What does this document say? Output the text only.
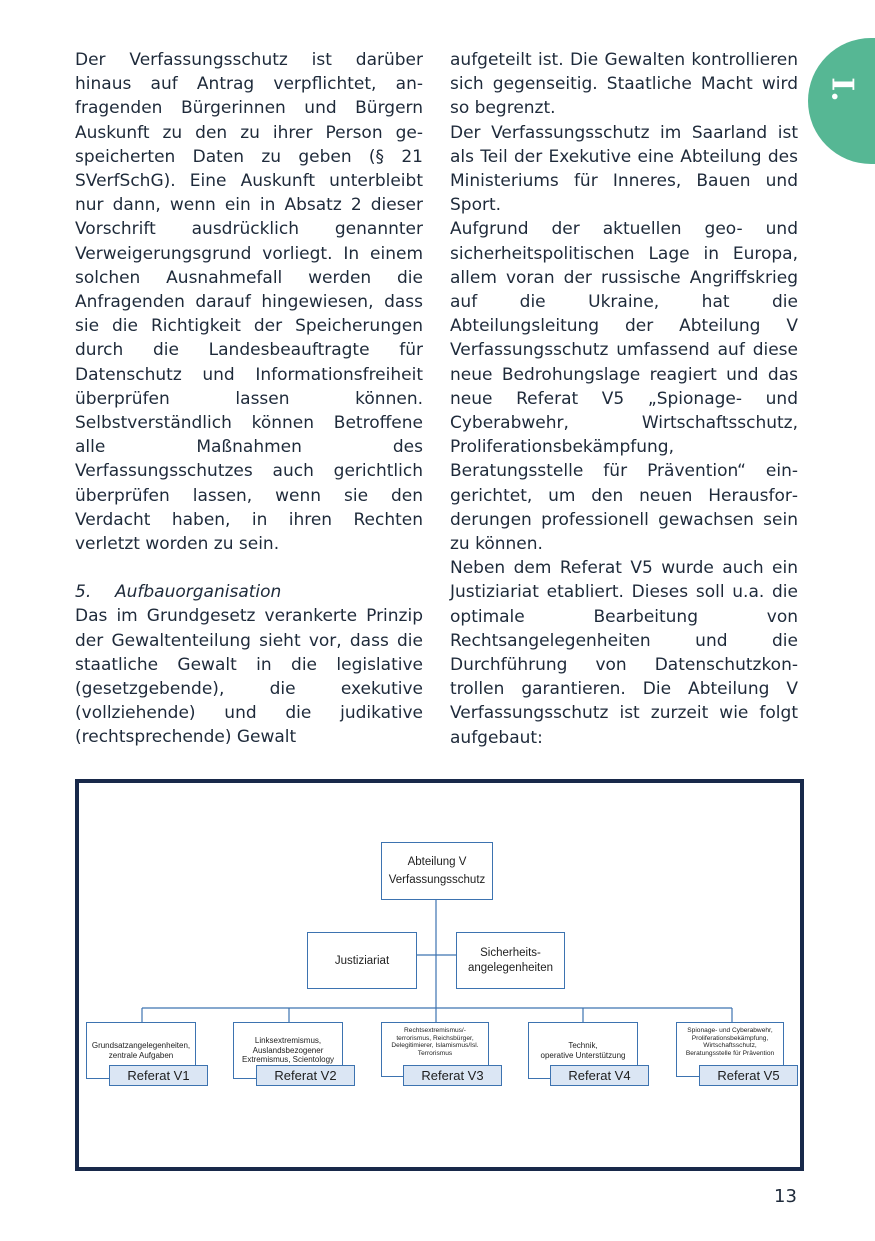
Der Verfassungsschutz ist darüber hinaus auf Antrag verpflichtet, anfragenden Bürgerinnen und Bürgern Auskunft zu den zu ihrer Person gespeicherten Daten zu geben (§ 21 SVerfSchG). Eine Auskunft unterbleibt nur dann, wenn ein in Absatz 2 dieser Vorschrift ausdrücklich genannter Verweigerungsgrund vorliegt. In einem solchen Ausnahmefall werden die Anfragenden darauf hingewiesen, dass sie die Richtigkeit der Speicherungen durch die Landesbeauftragte für Datenschutz und Informationsfreiheit überprüfen lassen können. Selbstverständlich können Betroffene alle Maßnahmen des Verfassungsschutzes auch gerichtlich überprüfen lassen, wenn sie den Verdacht haben, in ihren Rechten verletzt worden zu sein.

5. Aufbauorganisation

Das im Grundgesetz verankerte Prinzip der Gewaltenteilung sieht vor, dass die staatliche Gewalt in die legislative (gesetzgebende), die exekutive (vollziehende) und die judikative (rechtsprechende) Gewalt

aufgeteilt ist. Die Gewalten kontrollieren sich gegenseitig. Staatliche Macht wird so begrenzt.

Der Verfassungsschutz im Saarland ist als Teil der Exekutive eine Abteilung des Ministeriums für Inneres, Bauen und Sport.

Aufgrund der aktuellen geo- und sicherheitspolitischen Lage in Europa, allem voran der russische Angriffskrieg auf die Ukraine, hat die Abteilungsleitung der Abteilung V Verfassungsschutz umfassend auf diese neue Bedrohungslage reagiert und das neue Referat V5 „Spionage- und Cyberabwehr, Wirtschaftsschutz, Proliferationsbekämpfung, Beratungsstelle für Prävention“ eingerichtet, um den neuen Herausforderungen professionell gewachsen sein zu können.

Neben dem Referat V5 wurde auch ein Justiziariat etabliert. Dieses soll u.a. die optimale Bearbeitung von Rechtsangelegenheiten und die Durchführung von Datenschutzkontrollen garantieren. Die Abteilung V Verfassungsschutz ist zurzeit wie folgt aufgebaut:

I.
Abteilung V
Verfassungsschutz
Justiziariat
Sicherheits-
angelegenheiten
Grundsatzangelegenheiten,
zentrale Aufgaben
Referat V1
Linksextremismus,
Auslandsbezogener
Extremismus, Scientology
Referat V2
Rechtsextremismus/-
terrorismus, Reichsbürger,
Delegitimierer, Islamismus/Isl.
Terrorismus
Referat V3
Technik,
operative Unterstützung
Referat V4
Spionage- und Cyberabwehr,
Proliferationsbekämpfung,
Wirtschaftsschutz,
Beratungsstelle für Prävention
Referat V5
13
